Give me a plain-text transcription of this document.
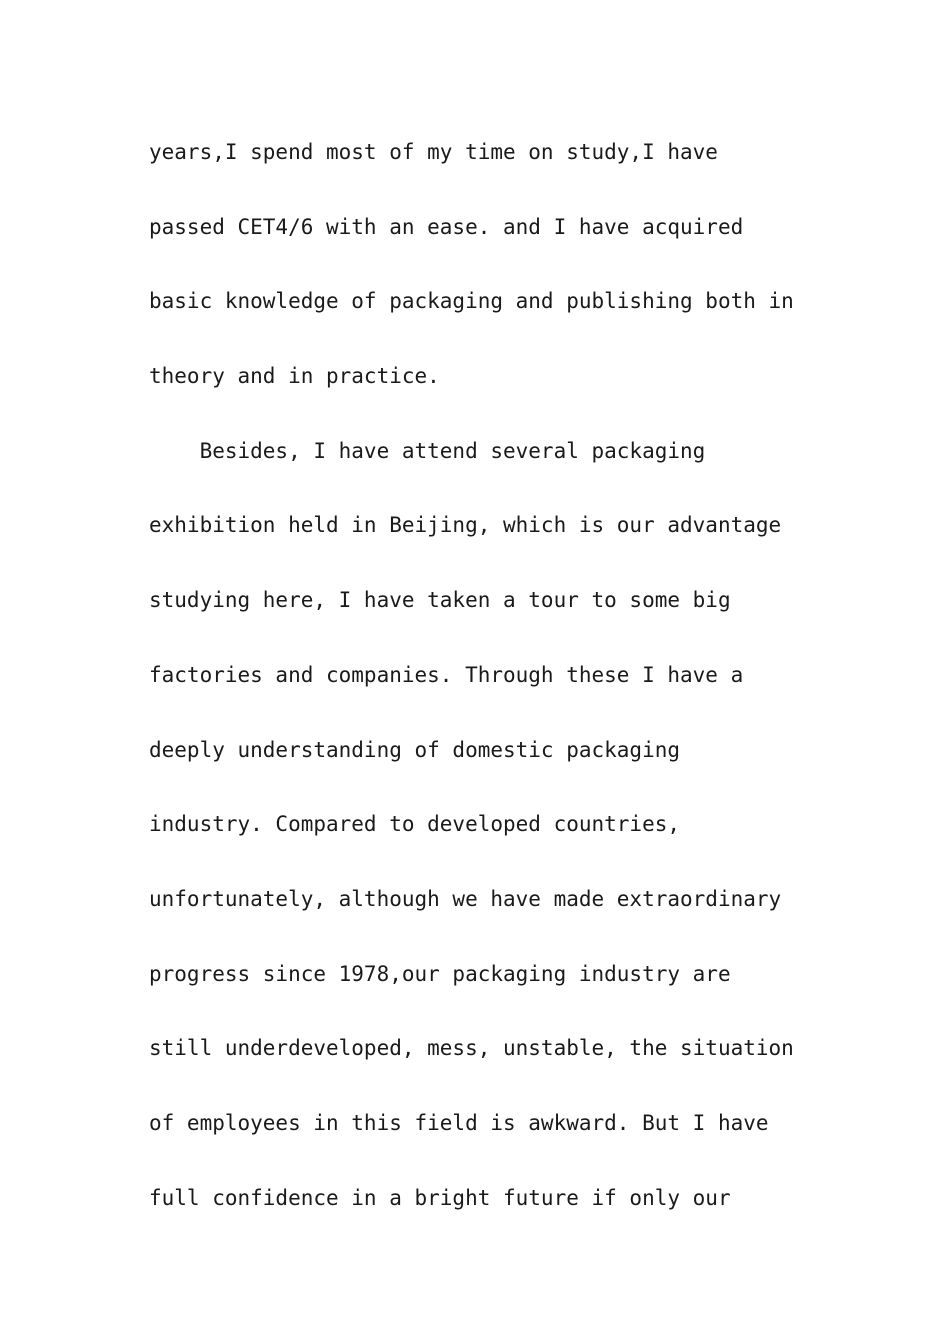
years,I spend most of my time on study,I have
passed CET4/6 with an ease. and I have acquired
basic knowledge of packaging and publishing both in
theory and in practice.
Besides, I have attend several packaging
exhibition held in Beijing, which is our advantage
studying here, I have taken a tour to some big
factories and companies. Through these I have a
deeply understanding of domestic packaging
industry. Compared to developed countries,
unfortunately, although we have made extraordinary
progress since 1978,our packaging industry are
still underdeveloped, mess, unstable, the situation
of employees in this field is awkward. But I have
full confidence in a bright future if only our
